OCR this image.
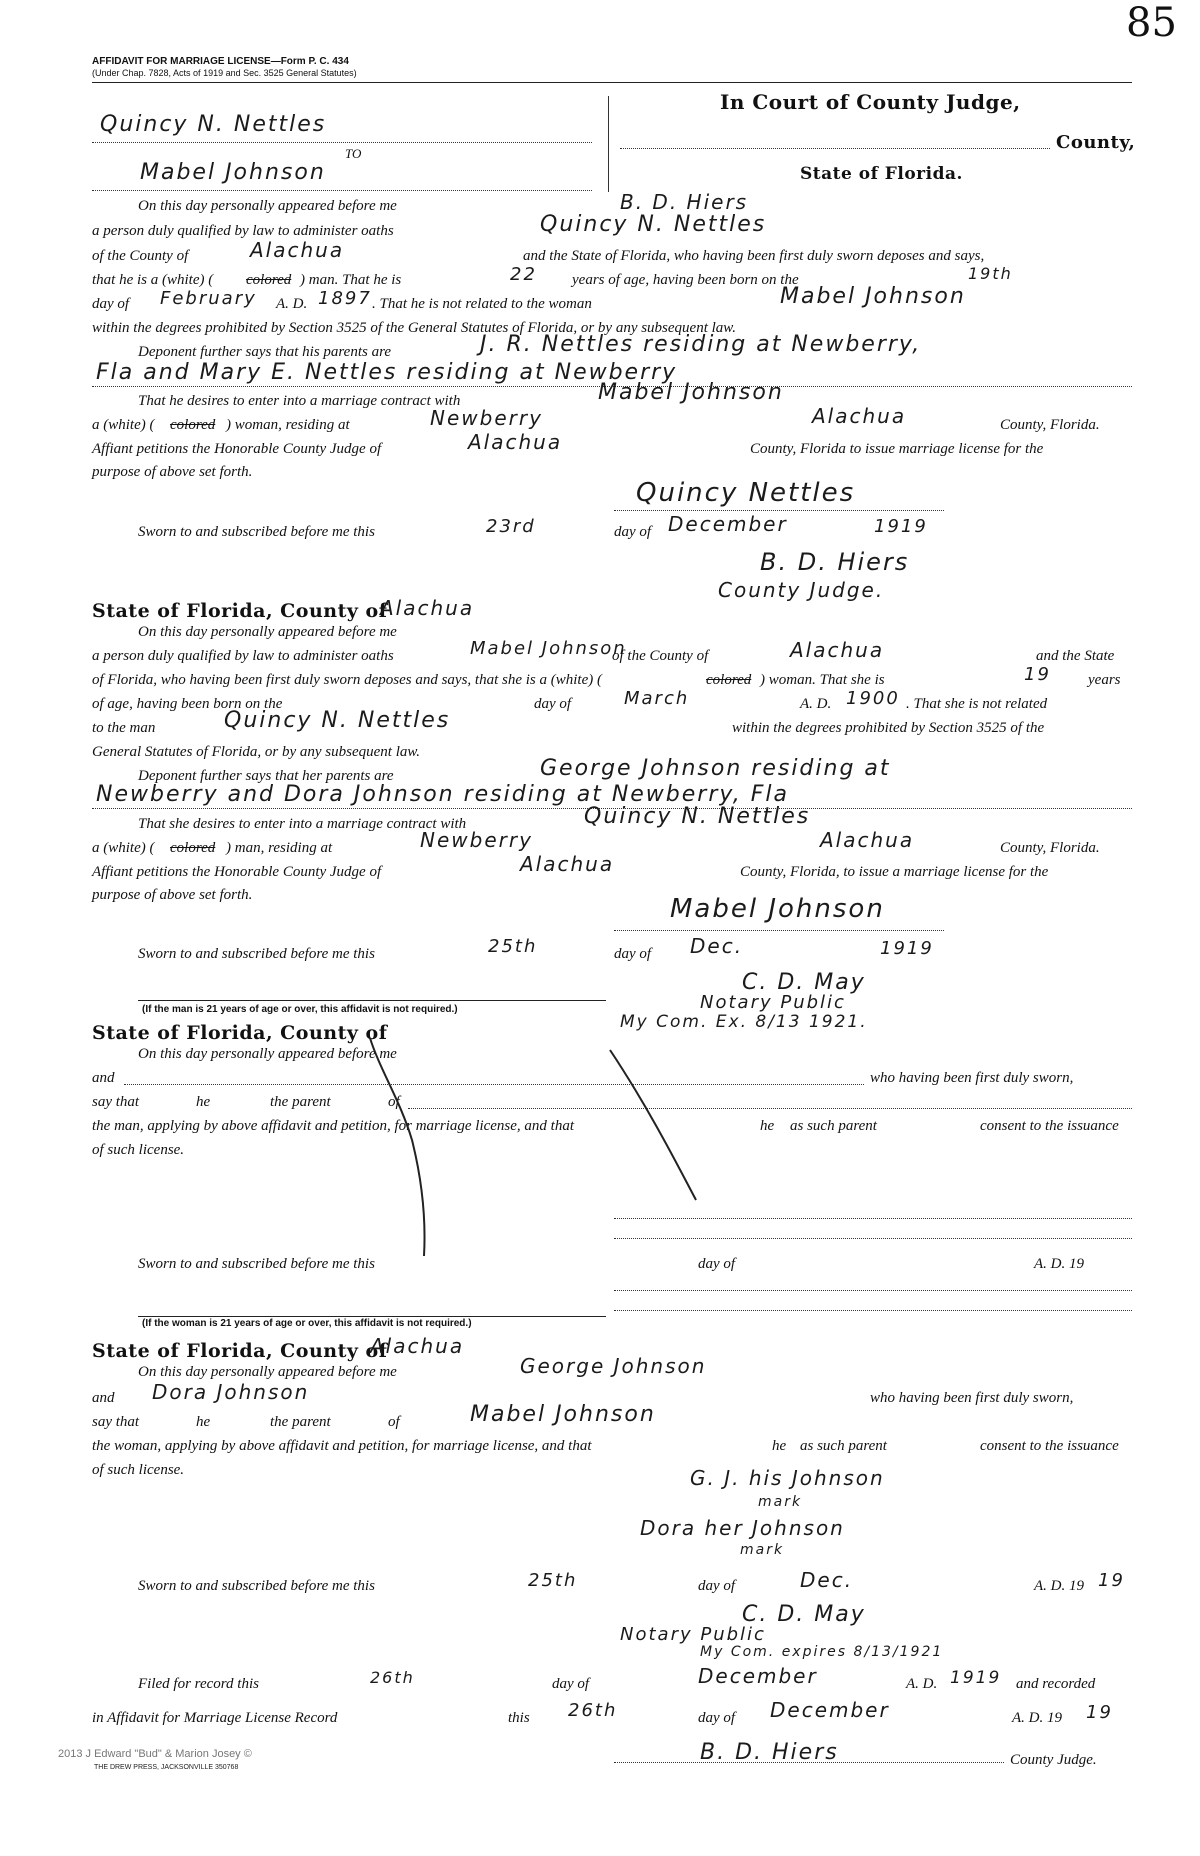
85
AFFIDAVIT FOR MARRIAGE LICENSE—Form P. C. 434
(Under Chap. 7828, Acts of 1919 and Sec. 3525 General Statutes)
Quincy N. Nettles
TO
Mabel Johnson
In Court of County Judge,
County,
State of Florida.
On this day personally appeared before me	B. D. Hiers
a person duly qualified by law to administer oaths	Quincy N. Nettles
of the County of	Alachua	and the State of Florida, who having been first duly sworn deposes and says,
that he is a (white) ( colored ) man. That he is	22 years of age, having been born on the	19th
day of February A. D. 1897 . That he is not related to the woman	Mabel Johnson
within the degrees prohibited by Section 3525 of the General Statutes of Florida, or by any subsequent law.
Deponent further says that his parents are	J. R. Nettles residing at Newberry,
Fla and Mary E. Nettles residing at Newberry
That he desires to enter into a marriage contract with	Mabel Johnson
a (white) ( colored ) woman, residing at	Newberry	Alachua	County, Florida.
Affiant petitions the Honorable County Judge of	Alachua	County, Florida to issue marriage license for the
purpose of above set forth.
Quincy Nettles
Sworn to and subscribed before me this	23rd	day of December	1919
B. D. Hiers
County Judge.
State of Florida, County of
Alachua
On this day personally appeared before me
a person duly qualified by law to administer oaths	Mabel Johnson
of the County of	Alachua	and the State
of Florida, who having been first duly sworn deposes and says, that she is a (white) (	colored ) woman. That she is	19 years
of age, having been born on the	day of	March	A. D. 1900 . That she is not related
to the man	Quincy N. Nettles	within the degrees prohibited by Section 3525 of the
General Statutes of Florida, or by any subsequent law.
Deponent further says that her parents are	George Johnson residing at
Newberry and Dora Johnson residing at Newberry, Fla
That she desires to enter into a marriage contract with	Quincy N. Nettles
a (white) ( colored ) man, residing at	Newberry	Alachua	County, Florida.
Affiant petitions the Honorable County Judge of	Alachua	County, Florida, to issue a marriage license for the
purpose of above set forth.	Mabel Johnson
Sworn to and subscribed before me this	25th	day of Dec.	1919
C. D. May
Notary Public
My Com. Ex. 8/13 1921.
(If the man is 21 years of age or over, this affidavit is not required.)
State of Florida, County of
On this day personally appeared before me
and	who having been first duly sworn,
say that	he	the parent	of
the man, applying by above affidavit and petition, for marriage license, and that	he as such parent	consent to the issuance
of such license.
Sworn to and subscribed before me this	day of	A. D. 19
(If the woman is 21 years of age or over, this affidavit is not required.)
State of Florida, County of
Alachua
On this day personally appeared before me	George Johnson
and Dora Johnson	who having been first duly sworn,
say that	he	the parent	of	Mabel Johnson
the woman, applying by above affidavit and petition, for marriage license, and that	he as such parent	consent to the issuance
of such license.	G. J. his Johnson
mark
Dora her Johnson
mark
Sworn to and subscribed before me this	25th	day of	Dec.	A. D. 19 19
C. D. May
Notary Public
My Com. expires 8/13/1921
Filed for record this	26th	day of	December	A. D. 1919 and recorded
in Affidavit for Marriage License Record	this 26th	day of December	A. D. 19 19
B. D. Hiers	County Judge.
2013 J Edward "Bud" & Marion Josey ©
THE DREW PRESS, JACKSONVILLE 350768
